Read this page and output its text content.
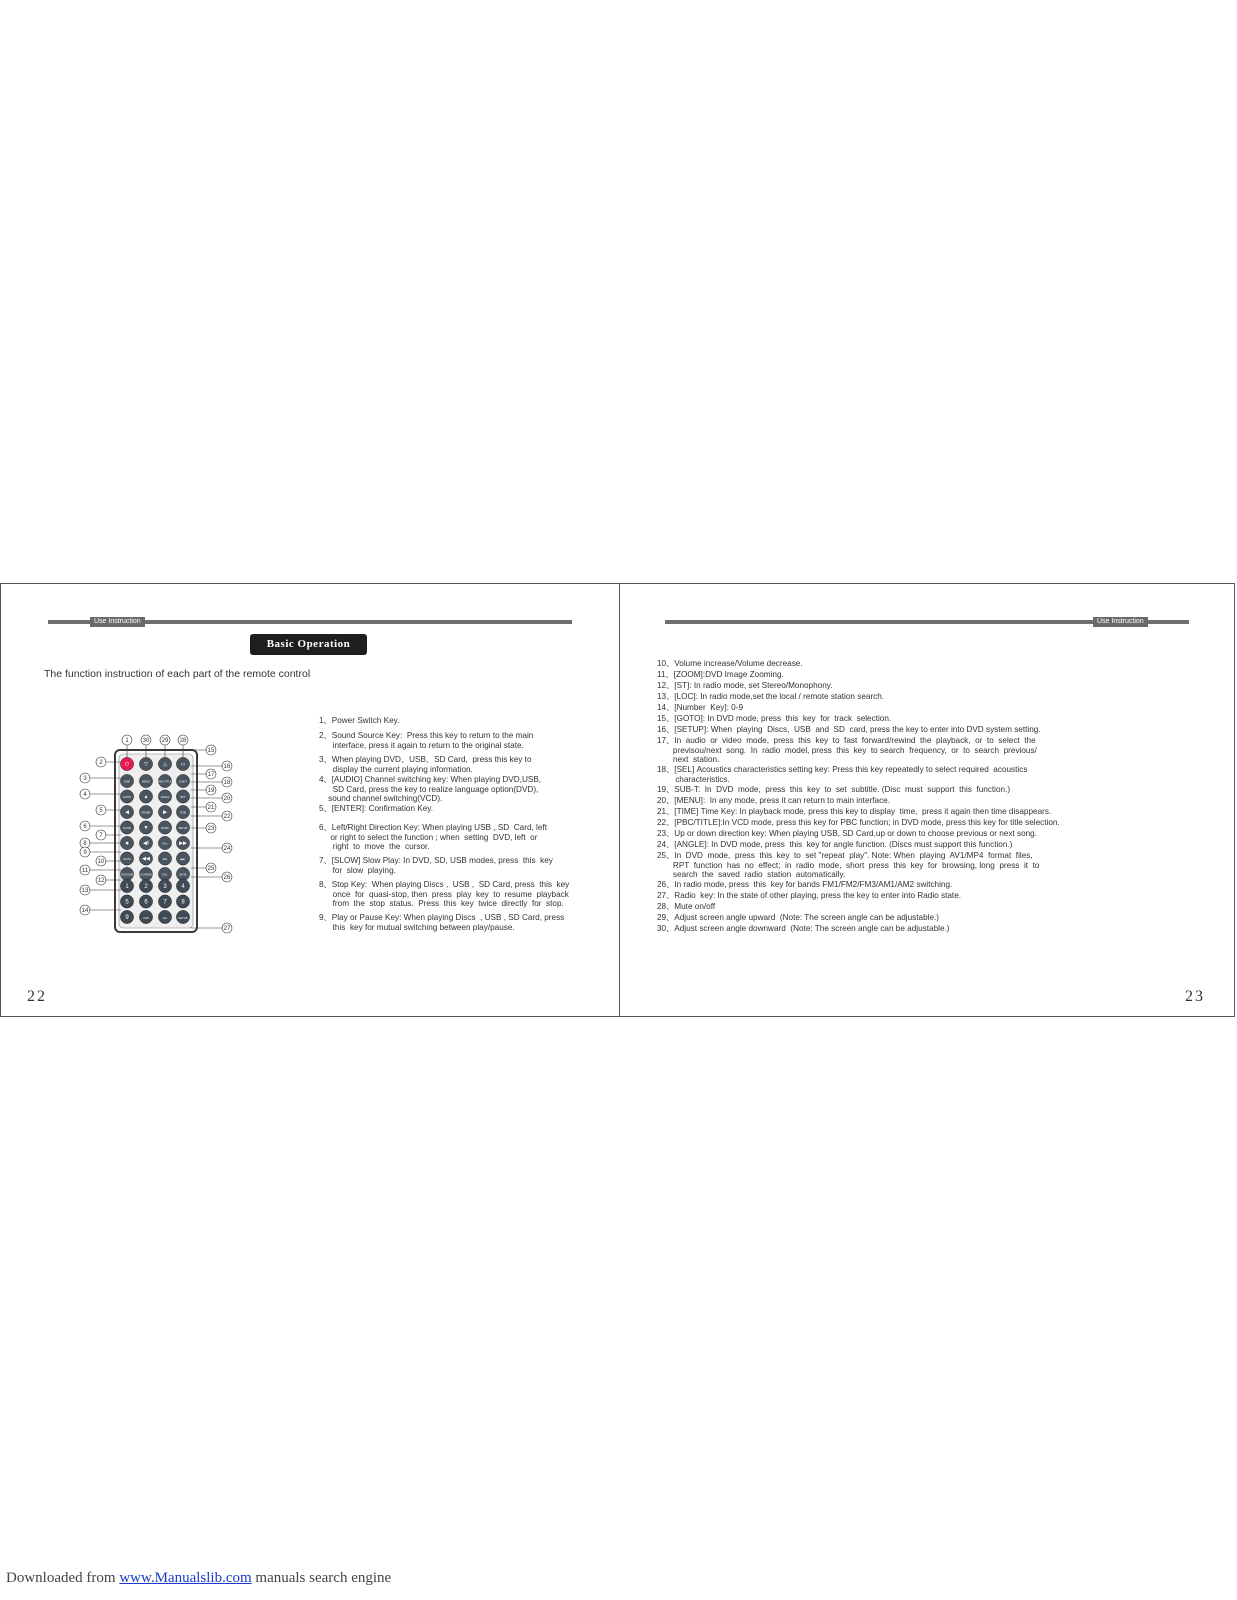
Use Instruction
Basic Operation
The function instruction of each part of the remote control
⏻	▽	△	▭
DISP	MENU	PBC/TITLE	SUB-T
AUDIO ▲	ANGLE	RPT
◀	ENTER	▶	TIME
SLOW	▼	BAND	SETUP
■	◀‖	VOL+ ▶▶
GOTO ◀◀	SEL	▶▶|
ST/ZOOM LOC/RADIO	VOL-	MUTE
1	2	3 4
5	6	7 8
9	0/10	10+	SETUP
1 30 29 28
2
3
4
5
6
7
8
9
10
11
12
13
14
15
16
17
18
19
20
21
22
23
24
25
26
27
1、Power Switch Key.
2、Sound Source Key:  Press this key to return to the main
interface, press it again to return to the original state.
3、When playing DVD、USB、SD Card,  press this key to
display the current playing information.
4、[AUDIO] Channel switching key: When playing DVD,USB,
SD Card, press the key to realize language option(DVD),
sound channel switching(VCD).
5、[ENTER]: Confirmation Key.
6、Left/Right Direction Key: When playing USB , SD  Card, left
or right to select the function ; when  setting  DVD, left  or
right  to  move  the  cursor.
7、[SLOW] Slow Play: In DVD, SD, USB modes, press  this  key
for  slow  playing.
8、Stop Key:  When playing Discs ,  USB ,  SD Card, press  this  key
once  for  quasi-stop, then  press  play  key  to  resume  playback
from  the  stop  status.  Press  this  key  twice  directly  for  stop.
9、Play or Pause Key: When playing Discs  , USB , SD Card, press
this  key for mutual switching between play/pause.
22
Use Instruction
10、Volume increase/Volume decrease.
11、[ZOOM]:DVD Image Zooming.
12、[ST]: In radio mode, set Stereo/Monophony.
13、[LOC]: In radio mode,set the local / remote station search.
14、[Number  Key]: 0-9
15、[GOTO]: In DVD mode, press  this  key  for  track  selection.
16、[SETUP]: When  playing  Discs,  USB  and  SD  card, press the key to enter into DVD system setting.
17、In  audio  or  video  mode,  press  this  key  to  fast  forward/rewind  the  playback,  or  to  select  the
previsou/next  song.  In  radio  model, press  this  key  to search  frequency,  or  to  search  previous/
next  station.
18、[SEL] Acoustics characteristics setting key: Press this key repeatedly to select required  acoustics
characteristics.
19、SUB-T:  In  DVD  mode,  press  this  key  to  set  subtitle. (Disc  must  support  this  function.)
20、[MENU]:  In any mode, press it can return to main interface.
21、[TIME] Time Key: In playback mode, press this key to display  time,  press it again then time disappears.
22、[PBC/TITLE]:In VCD mode, press this key for PBC function; in DVD mode, press this key for title selection.
23、Up or down direction key: When playing USB, SD Card,up or down to choose previous or next song.
24、[ANGLE]: In DVD mode, press  this  key for angle function. (Discs must support this function.)
25、In  DVD  mode,  press  this  key  to  set "repeat  play". Note: When  playing  AV1/MP4  format  files,
RPT  function  has  no  effect;  in  radio  mode,  short  press  this  key  for  browsing, long  press  it  to
search  the  saved  radio  station  automatically.
26、In radio mode, press  this  key for bands FM1/FM2/FM3/AM1/AM2 switching.
27、Radio  key: In the state of other playing, press the key to enter into Radio state.
28、Mute on/off
29、Adjust screen angle upward  (Note: The screen angle can be adjustable.)
30、Adjust screen angle downward  (Note: The screen angle can be adjustable.)
23
Downloaded from www.Manualslib.com manuals search engine
